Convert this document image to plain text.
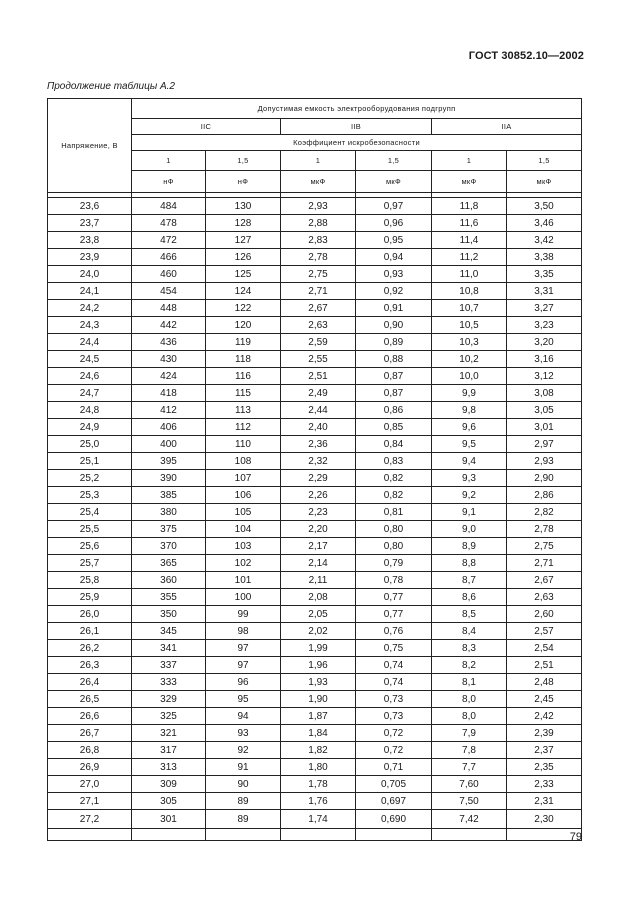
ГОСТ 30852.10—2002
Продолжение таблицы А.2
Напряжение, В	Допустимая емкость электрооборудования подгрупп					
	IIC		IIB		IIA	
	Коэффициент искробезопасности					
	1	1,5	1	1,5	1	1,5
	нФ	нФ	мкФ	мкФ	мкФ	мкФ

23,6	484	130	2,93	0,97	11,8	3,50
23,7	478	128	2,88	0,96	11,6	3,46
23,8	472	127	2,83	0,95	11,4	3,42
23,9	466	126	2,78	0,94	11,2	3,38
24,0	460	125	2,75	0,93	11,0	3,35
24,1	454	124	2,71	0,92	10,8	3,31
24,2	448	122	2,67	0,91	10,7	3,27
24,3	442	120	2,63	0,90	10,5	3,23
24,4	436	119	2,59	0,89	10,3	3,20
24,5	430	118	2,55	0,88	10,2	3,16
24,6	424	116	2,51	0,87	10,0	3,12
24,7	418	115	2,49	0,87	9,9	3,08
24,8	412	113	2,44	0,86	9,8	3,05
24,9	406	112	2,40	0,85	9,6	3,01
25,0	400	110	2,36	0,84	9,5	2,97
25,1	395	108	2,32	0,83	9,4	2,93
25,2	390	107	2,29	0,82	9,3	2,90
25,3	385	106	2,26	0,82	9,2	2,86
25,4	380	105	2,23	0,81	9,1	2,82
25,5	375	104	2,20	0,80	9,0	2,78
25,6	370	103	2,17	0,80	8,9	2,75
25,7	365	102	2,14	0,79	8,8	2,71
25,8	360	101	2,11	0,78	8,7	2,67
25,9	355	100	2,08	0,77	8,6	2,63
26,0	350	99	2,05	0,77	8,5	2,60
26,1	345	98	2,02	0,76	8,4	2,57
26,2	341	97	1,99	0,75	8,3	2,54
26,3	337	97	1,96	0,74	8,2	2,51
26,4	333	96	1,93	0,74	8,1	2,48
26,5	329	95	1,90	0,73	8,0	2,45
26,6	325	94	1,87	0,73	8,0	2,42
26,7	321	93	1,84	0,72	7,9	2,39
26,8	317	92	1,82	0,72	7,8	2,37
26,9	313	91	1,80	0,71	7,7	2,35
27,0	309	90	1,78	0,705	7,60	2,33
27,1	305	89	1,76	0,697	7,50	2,31
27,2	301	89	1,74	0,690	7,42	2,30

79
